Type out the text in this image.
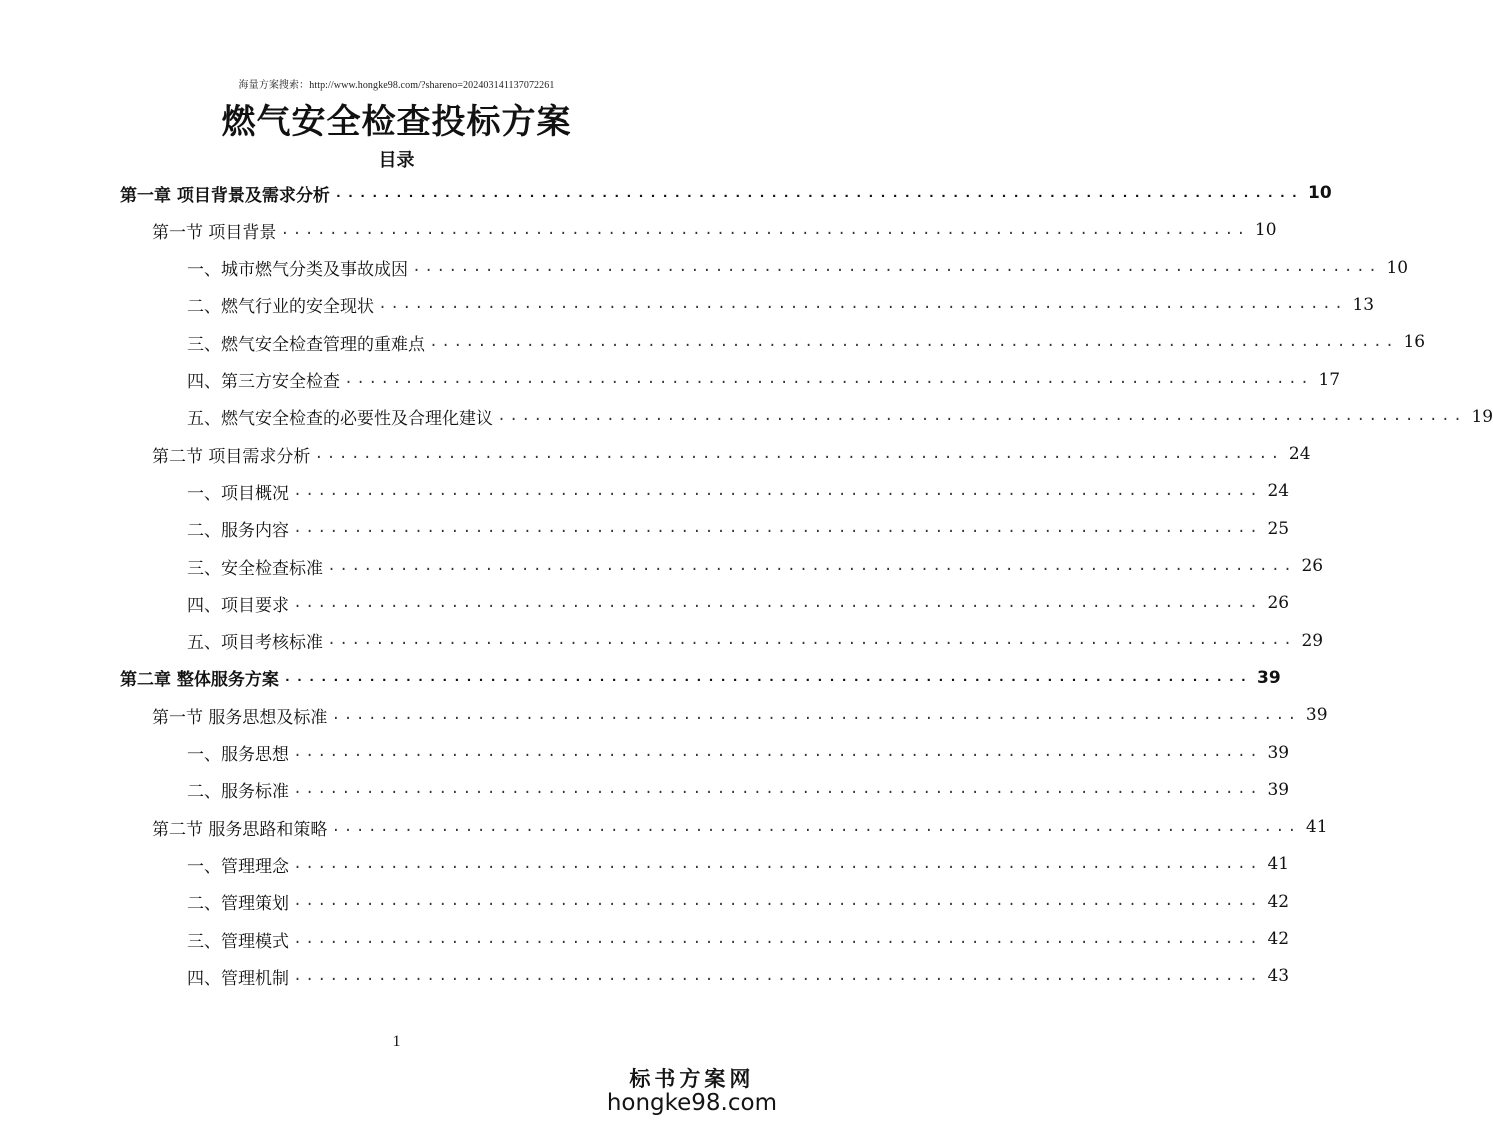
海量方案搜索：http://www.hongke98.com/?shareno=202403141137072261
燃气安全检查投标方案
目录
第一章 项目背景及需求分析 ................................................................................ 10
第一节 项目背景 ................................................................................ 10
一、城市燃气分类及事故成因 ................................................................................ 10
二、燃气行业的安全现状 ................................................................................ 13
三、燃气安全检查管理的重难点 ................................................................................ 16
四、第三方安全检查 ................................................................................ 17
五、燃气安全检查的必要性及合理化建议 ................................................................................ 19
第二节 项目需求分析 ................................................................................ 24
一、项目概况 ................................................................................ 24
二、服务内容 ................................................................................ 25
三、安全检查标准 ................................................................................ 26
四、项目要求 ................................................................................ 26
五、项目考核标准 ................................................................................ 29
第二章 整体服务方案 ................................................................................ 39
第一节 服务思想及标准 ................................................................................ 39
一、服务思想 ................................................................................ 39
二、服务标准 ................................................................................ 39
第二节 服务思路和策略 ................................................................................ 41
一、管理理念 ................................................................................ 41
二、管理策划 ................................................................................ 42
三、管理模式 ................................................................................ 42
四、管理机制 ................................................................................ 43
1
标书方案网
hongke98.com
